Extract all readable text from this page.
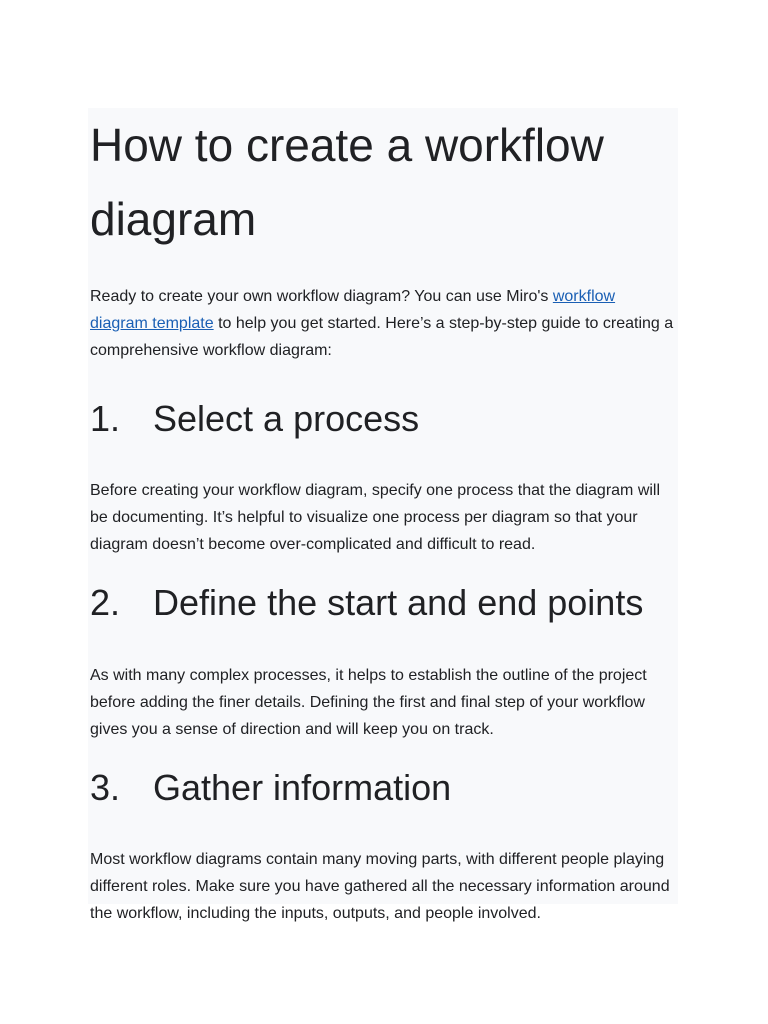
How to create a workflow diagram

Ready to create your own workflow diagram? You can use Miro's workflow diagram template to help you get started. Here’s a step-by-step guide to creating a comprehensive workflow diagram:

1. Select a process

Before creating your workflow diagram, specify one process that the diagram will be documenting. It’s helpful to visualize one process per diagram so that your diagram doesn’t become over-complicated and difficult to read.

2. Define the start and end points

As with many complex processes, it helps to establish the outline of the project before adding the finer details. Defining the first and final step of your workflow gives you a sense of direction and will keep you on track.

3. Gather information

Most workflow diagrams contain many moving parts, with different people playing different roles. Make sure you have gathered all the necessary information around the workflow, including the inputs, outputs, and people involved.
